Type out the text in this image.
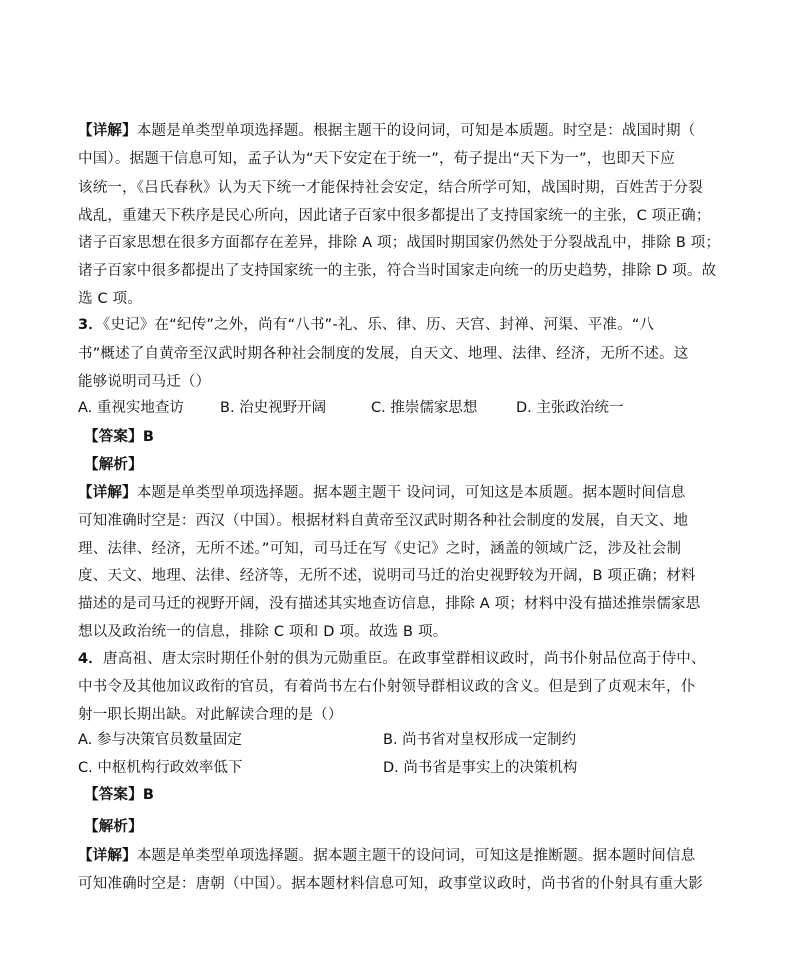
【详解】本题是单类型单项选择题。根据主题干的设问词，可知是本质题。时空是：战国时期（
中国）。据题干信息可知，孟子认为“天下安定在于统一”，荀子提出“天下为一”，也即天下应
该统一，《吕氏春秋》认为天下统一才能保持社会安定，结合所学可知，战国时期，百姓苦于分裂
战乱，重建天下秩序是民心所向，因此诸子百家中很多都提出了支持国家统一的主张，C 项正确；
诸子百家思想在很多方面都存在差异，排除 A 项；战国时期国家仍然处于分裂战乱中，排除 B 项；
诸子百家中很多都提出了支持国家统一的主张，符合当时国家走向统一的历史趋势，排除 D 项。故
选 C 项。
3．《史记》在“纪传”之外，尚有“八书”-礼、乐、律、历、天宫、封禅、河渠、平准。“八
书”概述了自黄帝至汉武时期各种社会制度的发展，自天文、地理、法律、经济，无所不述。这
能够说明司马迁（）
A. 重视实地查访 B. 治史视野开阔	C. 推崇儒家思想	D. 主张政治统一
【答案】B
【解析】
【详解】本题是单类型单项选择题。据本题主题干 设问词，可知这是本质题。据本题时间信息
可知准确时空是：西汉（中国）。根据材料自黄帝至汉武时期各种社会制度的发展，自天文、地
理、法律、经济，无所不述。”可知，司马迁在写《史记》之时，涵盖的领域广泛，涉及社会制
度、天文、地理、法律、经济等，无所不述，说明司马迁的治史视野较为开阔，B 项正确；材料
描述的是司马迁的视野开阔，没有描述其实地查访信息，排除 A 项；材料中没有描述推崇儒家思
想以及政治统一的信息，排除 C 项和 D 项。故选 B 项。
4．唐高祖、唐太宗时期任仆射的俱为元勋重臣。在政事堂群相议政时，尚书仆射品位高于侍中、
中书令及其他加议政衔的官员，有着尚书左右仆射领导群相议政的含义。但是到了贞观末年，仆
射一职长期出缺。对此解读合理的是（）
A. 参与决策官员数量固定	B. 尚书省对皇权形成一定制约
C. 中枢机构行政效率低下	D. 尚书省是事实上的决策机构
【答案】B
【解析】
【详解】本题是单类型单项选择题。据本题主题干的设问词，可知这是推断题。据本题时间信息
可知准确时空是：唐朝（中国）。据本题材料信息可知，政事堂议政时，尚书省的仆射具有重大影
